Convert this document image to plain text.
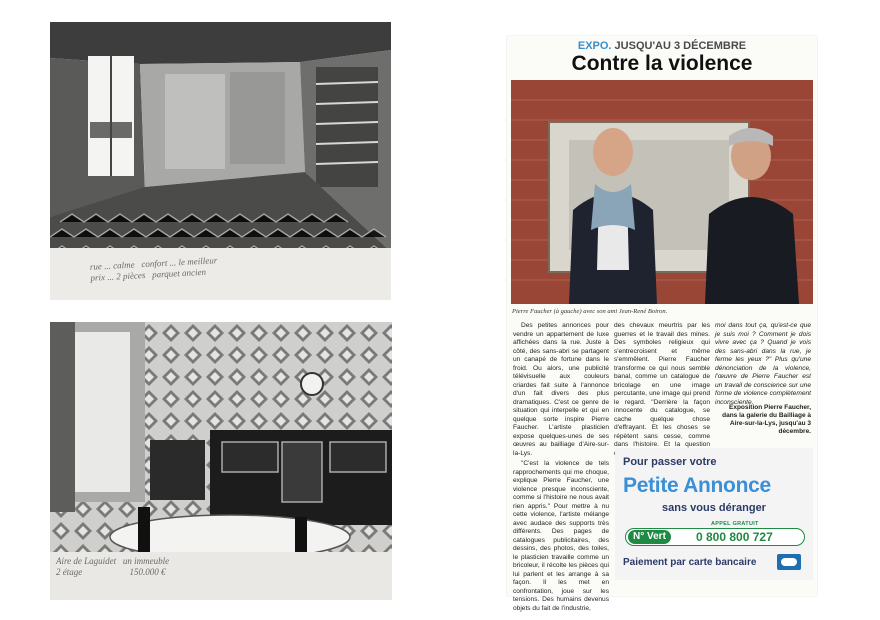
rue ... calme confort ... le meilleur
prix ... 2 pièces parquet ancien
Aire de Laguidet un immeuble
2 étage	150.000 €
EXPO. JUSQU'AU 3 DÉCEMBRE
Contre la violence
Pierre Faucher (à gauche) avec son ami Jean-René Boiron.

Des petites annonces pour vendre un appartement de luxe affichées dans la rue. Juste à côté, des sans-abri se partagent un canapé de fortune dans le froid. Ou alors, une publicité télévisuelle aux couleurs criardes fait suite à l'annonce d'un fait divers des plus dramatiques. C'est ce genre de situation qui interpelle et qui en quelque sorte inspire Pierre Faucher. L'artiste plasticien expose quelques-unes de ses œuvres au bailliage d'Aire-sur-la-Lys.

"C'est la violence de tels rapprochements qui me choque, explique Pierre Faucher, une violence presque inconsciente, comme si l'histoire ne nous avait rien appris." Pour mettre à nu cette violence, l'artiste mélange avec audace des supports très différents. Des pages de catalogues publicitaires, des dessins, des photos, des toiles, le plasticien travaille comme un bricoleur, il récolte les pièces qui lui parlent et les arrange à sa façon. Il les met en confrontation, joue sur les tensions. Des humains devenus objets du fait de l'industrie,

des chevaux meurtris par les guerres et le travail des mines. Des symboles religieux qui s'entrecroisent et même s'emmêlent. Pierre Faucher transforme ce qui nous semble banal, comme un catalogue de bricolage en une image percutante, une image qui prend le regard. "Derrière la façon innocente du catalogue, se cache quelque chose d'effrayant. Et les choses se répètent sans cesse, comme dans l'histoire. Et la question

moi dans tout ça, qu'est-ce que je suis moi ? Comment je dois vivre avec ça ? Quand je vois des sans-abri dans la rue, je ferme les yeux ?" Plus qu'une dénonciation de la violence, l'œuvre de Pierre Faucher est un travail de conscience sur une forme de violence complètement inconsciente.

Exposition Pierre Faucher, dans la galerie du Bailliage à Aire-sur-la-Lys, jusqu'au 3 décembre.
Pour passer votre
Petite Annonce
sans vous déranger
APPEL GRATUIT
N° Vert	0 800 800 727
Paiement par carte bancaire
